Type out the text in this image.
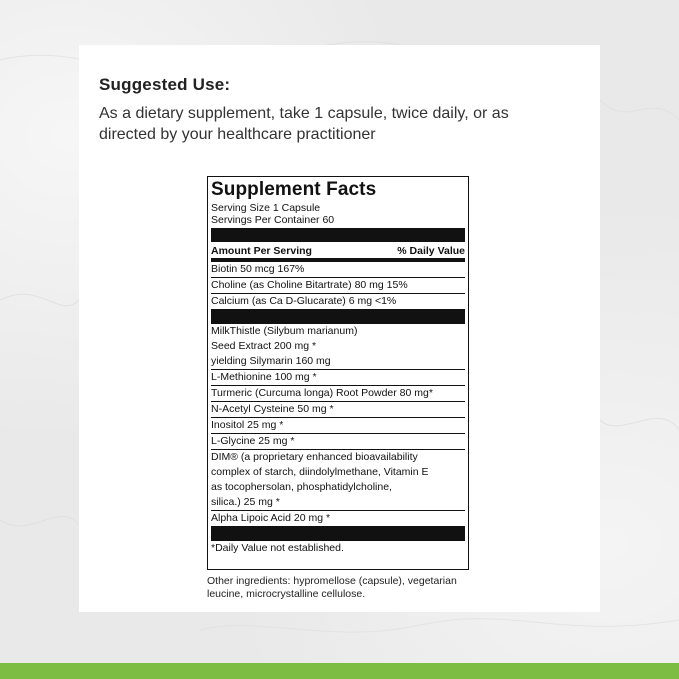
Suggested Use:
As a dietary supplement, take 1 capsule, twice daily, or as directed by your healthcare practitioner
Supplement Facts
Serving Size 1 Capsule
Servings Per Container 60
Amount Per Serving	% Daily Value
Biotin 50 mcg 167%
Choline (as Choline Bitartrate) 80 mg 15%
Calcium (as Ca D-Glucarate) 6 mg <1%
MilkThistle (Silybum marianum)
Seed Extract 200 mg *
yielding Silymarin 160 mg
L-Methionine 100 mg *
Turmeric (Curcuma longa) Root Powder 80 mg*
N-Acetyl Cysteine 50 mg *
Inositol 25 mg *
L-Glycine 25 mg *
DIM® (a proprietary enhanced bioavailability
complex of starch, diindolylmethane, Vitamin E
as tocophersolan, phosphatidylcholine,
silica.) 25 mg *
Alpha Lipoic Acid 20 mg *
*Daily Value not established.
Other ingredients: hypromellose (capsule), vegetarian
leucine, microcrystalline cellulose.
